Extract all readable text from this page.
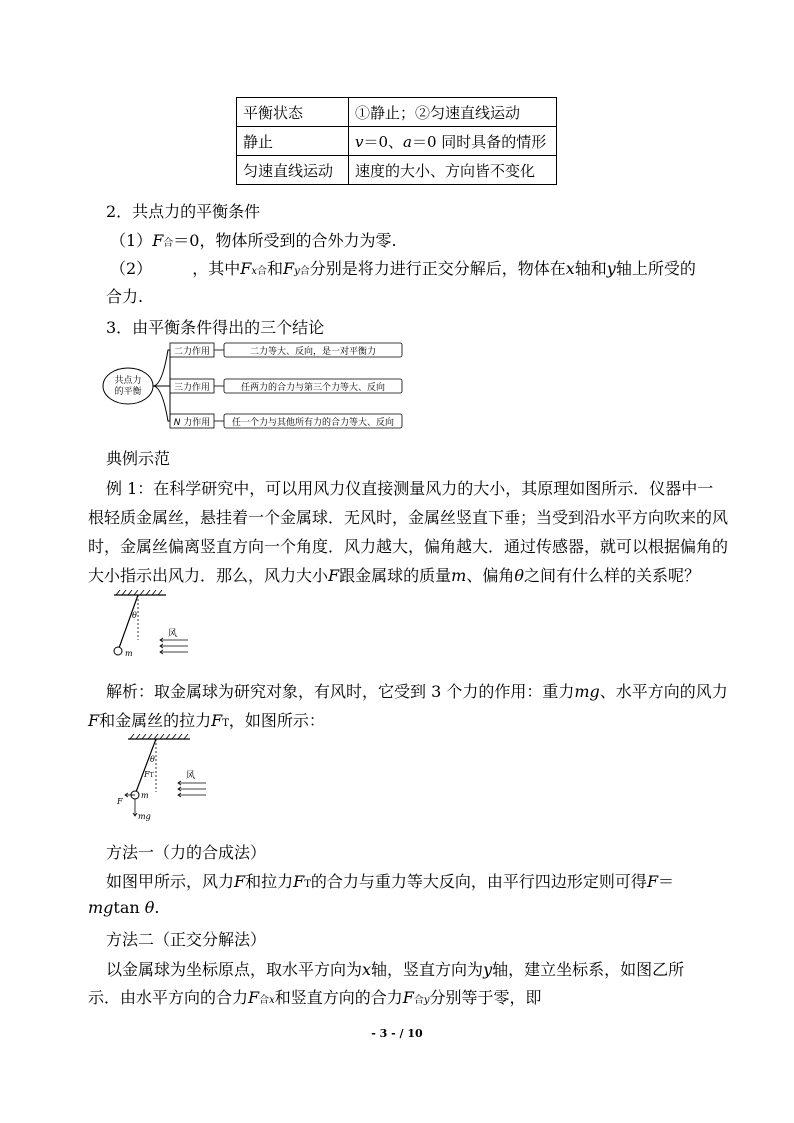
平衡状态	①静止；②匀速直线运动
静止	v＝0、a＝0 同时具备的情形
匀速直线运动	速度的大小、方向皆不变化
2．共点力的平衡条件
（1）F合＝0，物体所受到的合外力为零.
（2）	，其中Fx合和Fy合分别是将力进行正交分解后，物体在x轴和y轴上所受的
合力.
3．由平衡条件得出的三个结论
共点力
的平衡
二力作用	二力等大、反向，是一对平衡力
三力作用	任两力的合力与第三个力等大、反向
N 力作用 任一个力与其他所有力的合力等大、反向
典例示范
例 1：在科学研究中，可以用风力仪直接测量风力的大小，其原理如图所示．仪器中一
根轻质金属丝，悬挂着一个金属球．无风时，金属丝竖直下垂；当受到沿水平方向吹来的风
时，金属丝偏离竖直方向一个角度．风力越大，偏角越大．通过传感器，就可以根据偏角的
大小指示出风力．那么，风力大小F跟金属球的质量m、偏角θ之间有什么样的关系呢？
θ
m
风
解析：取金属球为研究对象，有风时，它受到 3 个力的作用：重力mg、水平方向的风力
F和金属丝的拉力FT，如图所示：
θ
FT
F
m
mg
风
方法一（力的合成法）
如图甲所示，风力F和拉力FT的合力与重力等大反向，由平行四边形定则可得F＝
mgtan θ.
方法二（正交分解法）
以金属球为坐标原点，取水平方向为x轴，竖直方向为y轴，建立坐标系，如图乙所
示．由水平方向的合力F合x和竖直方向的合力F合y分别等于零，即
- 3 - / 10
